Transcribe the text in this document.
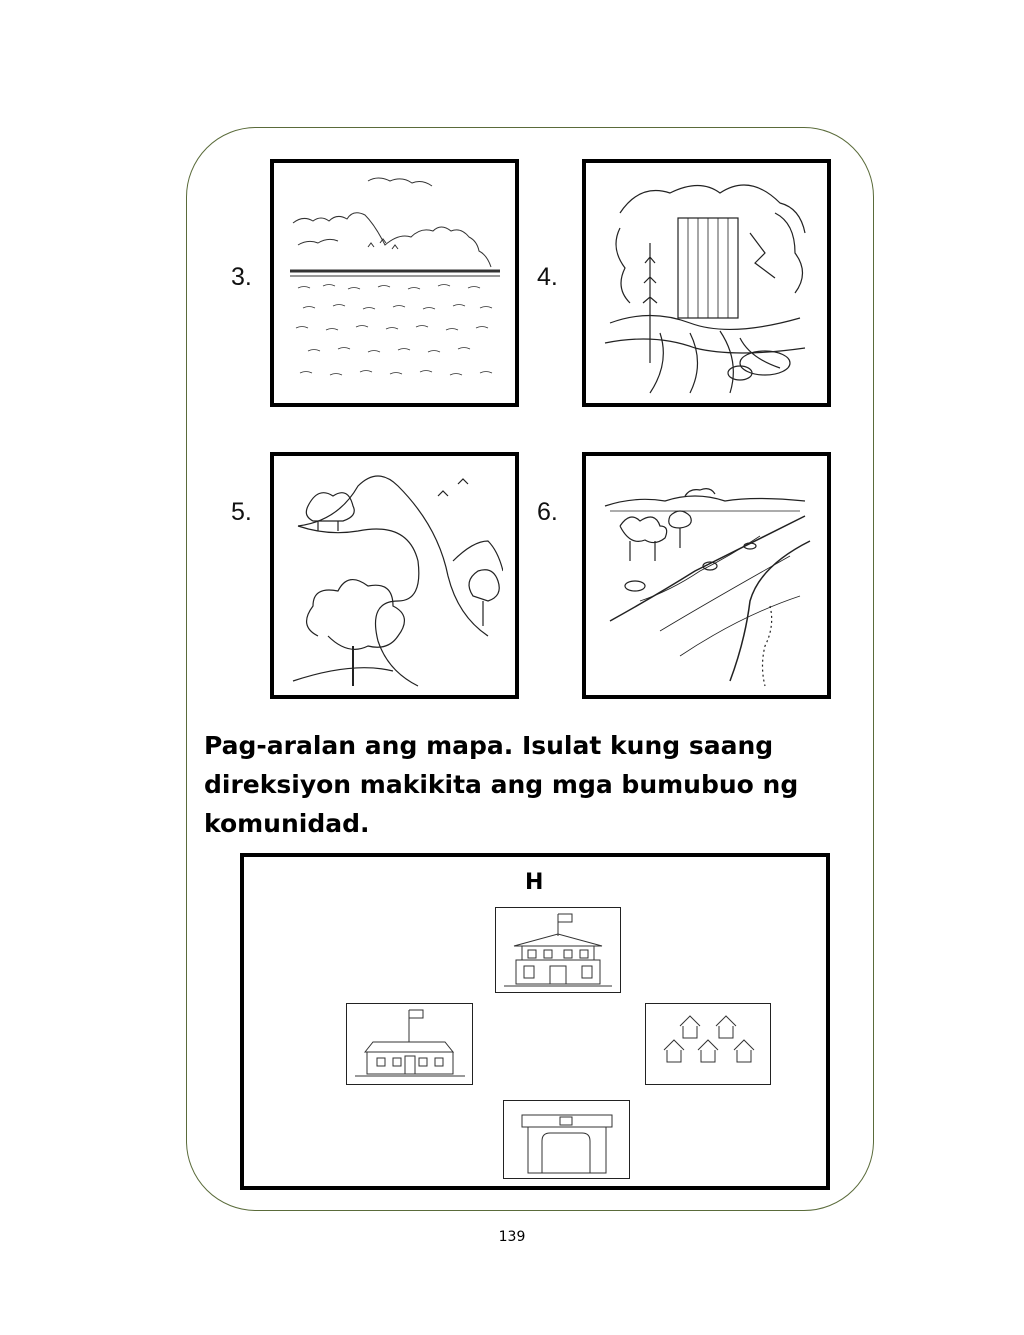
3.	4.
5.	6.
Pag-aralan ang mapa. Isulat kung saang direksiyon makikita ang mga bumubuo ng komunidad.
H
139
